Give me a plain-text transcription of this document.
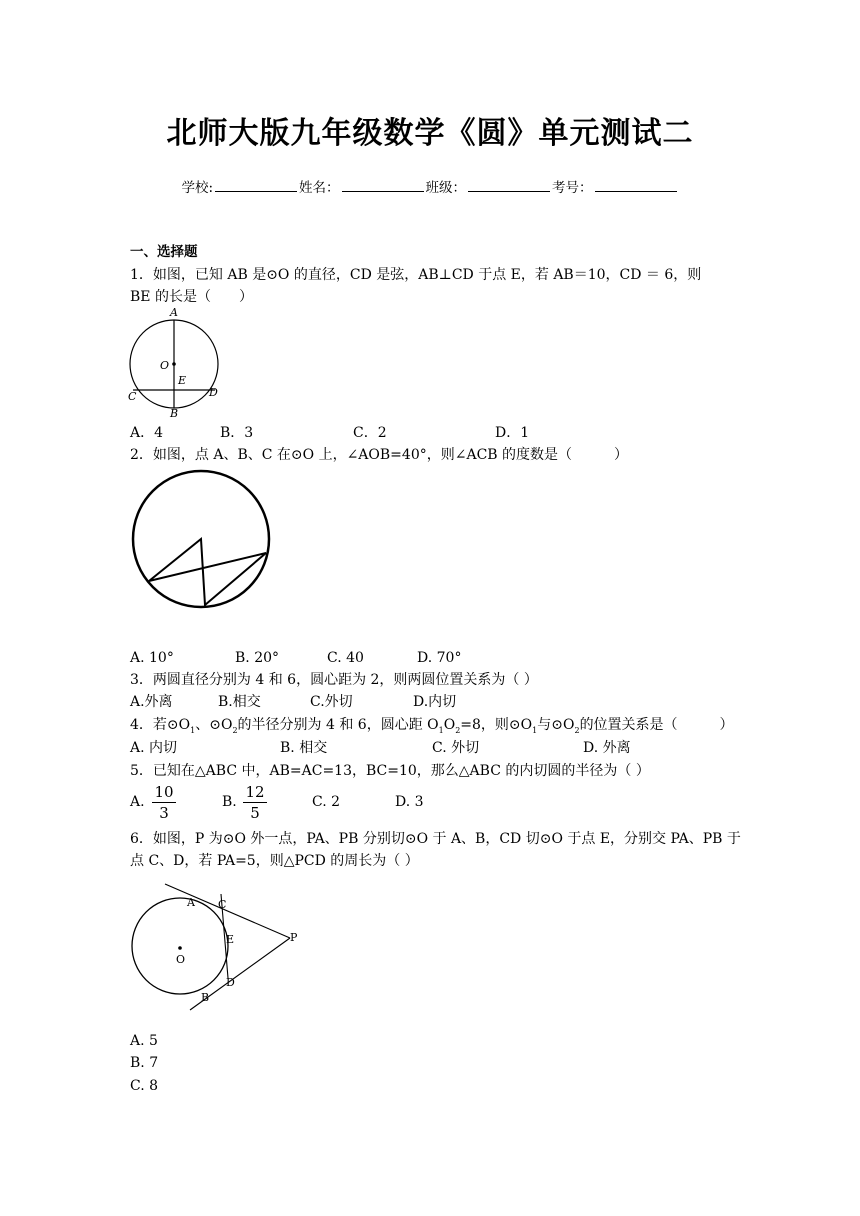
北师大版九年级数学《圆》单元测试二
学校:	姓名：	班级：	考号：
一、选择题
1．如图，已知 AB 是⊙O 的直径，CD 是弦，AB⊥CD 于点 E，若 AB＝10，CD ＝ 6，则
BE 的长是（　　）
A
O
E
C	D
B
A．4	B．3	C．2	D．1
2．如图，点 A、B、C 在⊙O 上，∠AOB=40°，则∠ACB 的度数是（　　　）
A. 10°	B. 20°	C. 40	D. 70°
3．两圆直径分别为 4 和 6，圆心距为 2，则两圆位置关系为（ ）
A.外离	B.相交	C.外切	D.内切
4．若$⊙O_1$、$⊙O_2$的半径分别为 4 和 6，圆心距 $O_1O_2=8$，则$⊙O_1$与$⊙O_2$的位置关系是（　　　）
A. 内切	B. 相交	C. 外切	D. 外离
5．已知在△ABC 中，AB=AC=13，BC=10，那么△ABC 的内切圆的半径为（ ）
A. $\frac{10}{3}$	B. $\frac{12}{5}$	C. 2	D. 3
6．如图，P 为⊙O 外一点，PA、PB 分别切⊙O 于 A、B，CD 切⊙O 于点 E，分别交 PA、PB 于
点 C、D，若 PA=5，则△PCD 的周长为（ ）
A C
E	P
O
D
B
A. 5
B. 7
C. 8
